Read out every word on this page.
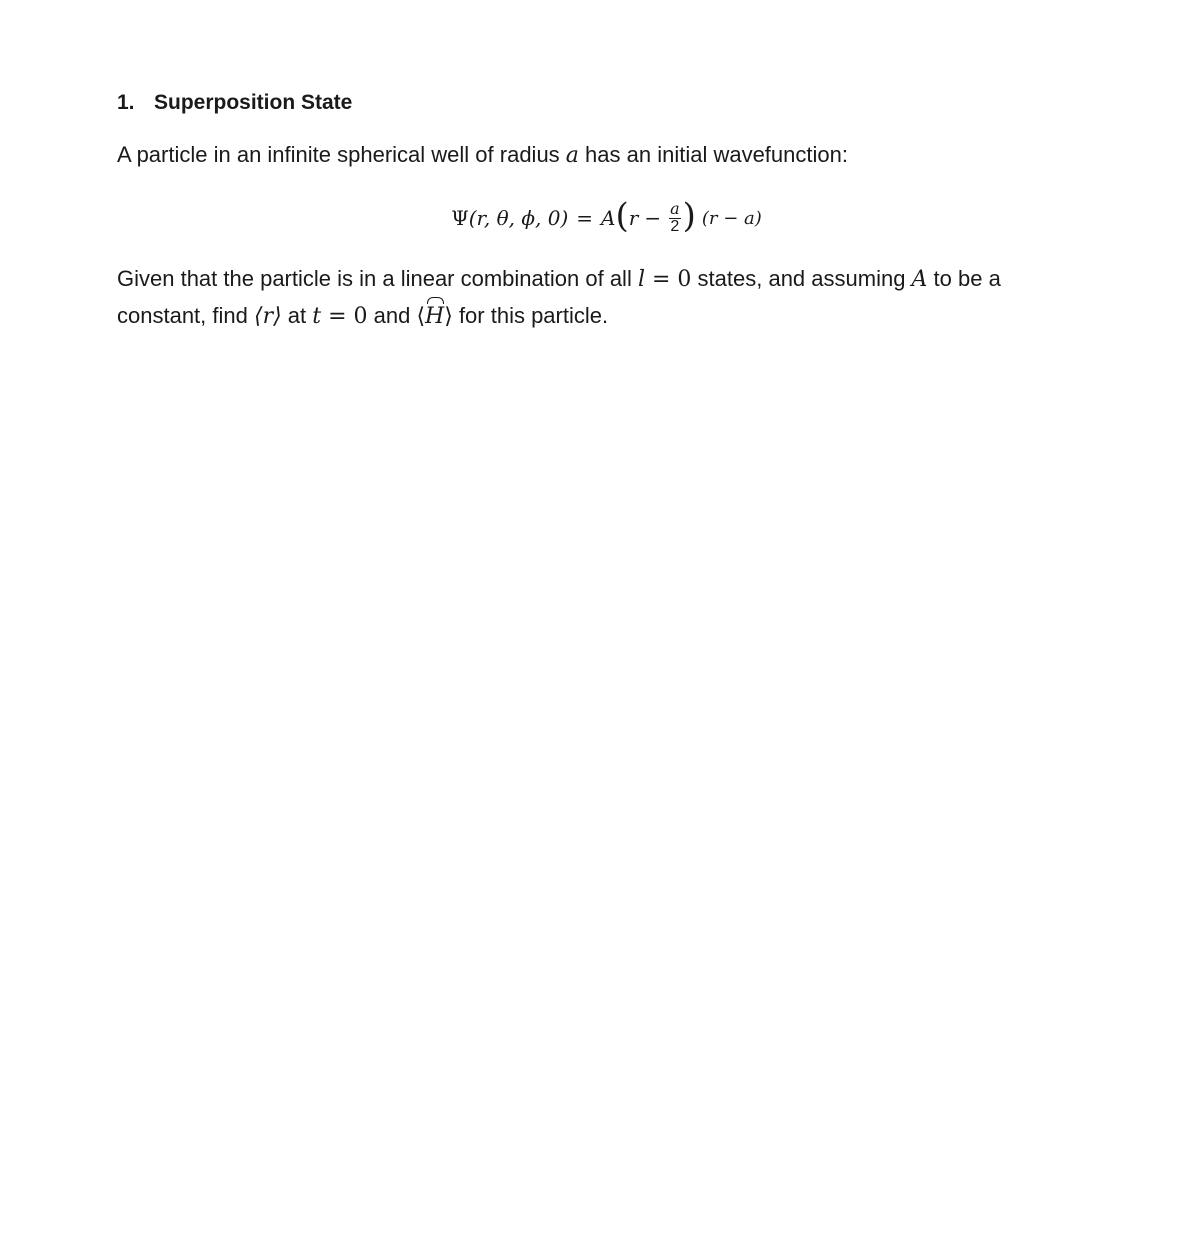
1. Superposition State
A particle in an infinite spherical well of radius a has an initial wavefunction:
Ψ (r, θ, ϕ, 0) = A ( $r - \frac{a}{2}$ ) (r − a)
Given that the particle is in a linear combination of all l = 0 states, and assuming A to be a
constant, find ⟨r⟩ at t = 0 and ⟨H⟩ for this particle.
